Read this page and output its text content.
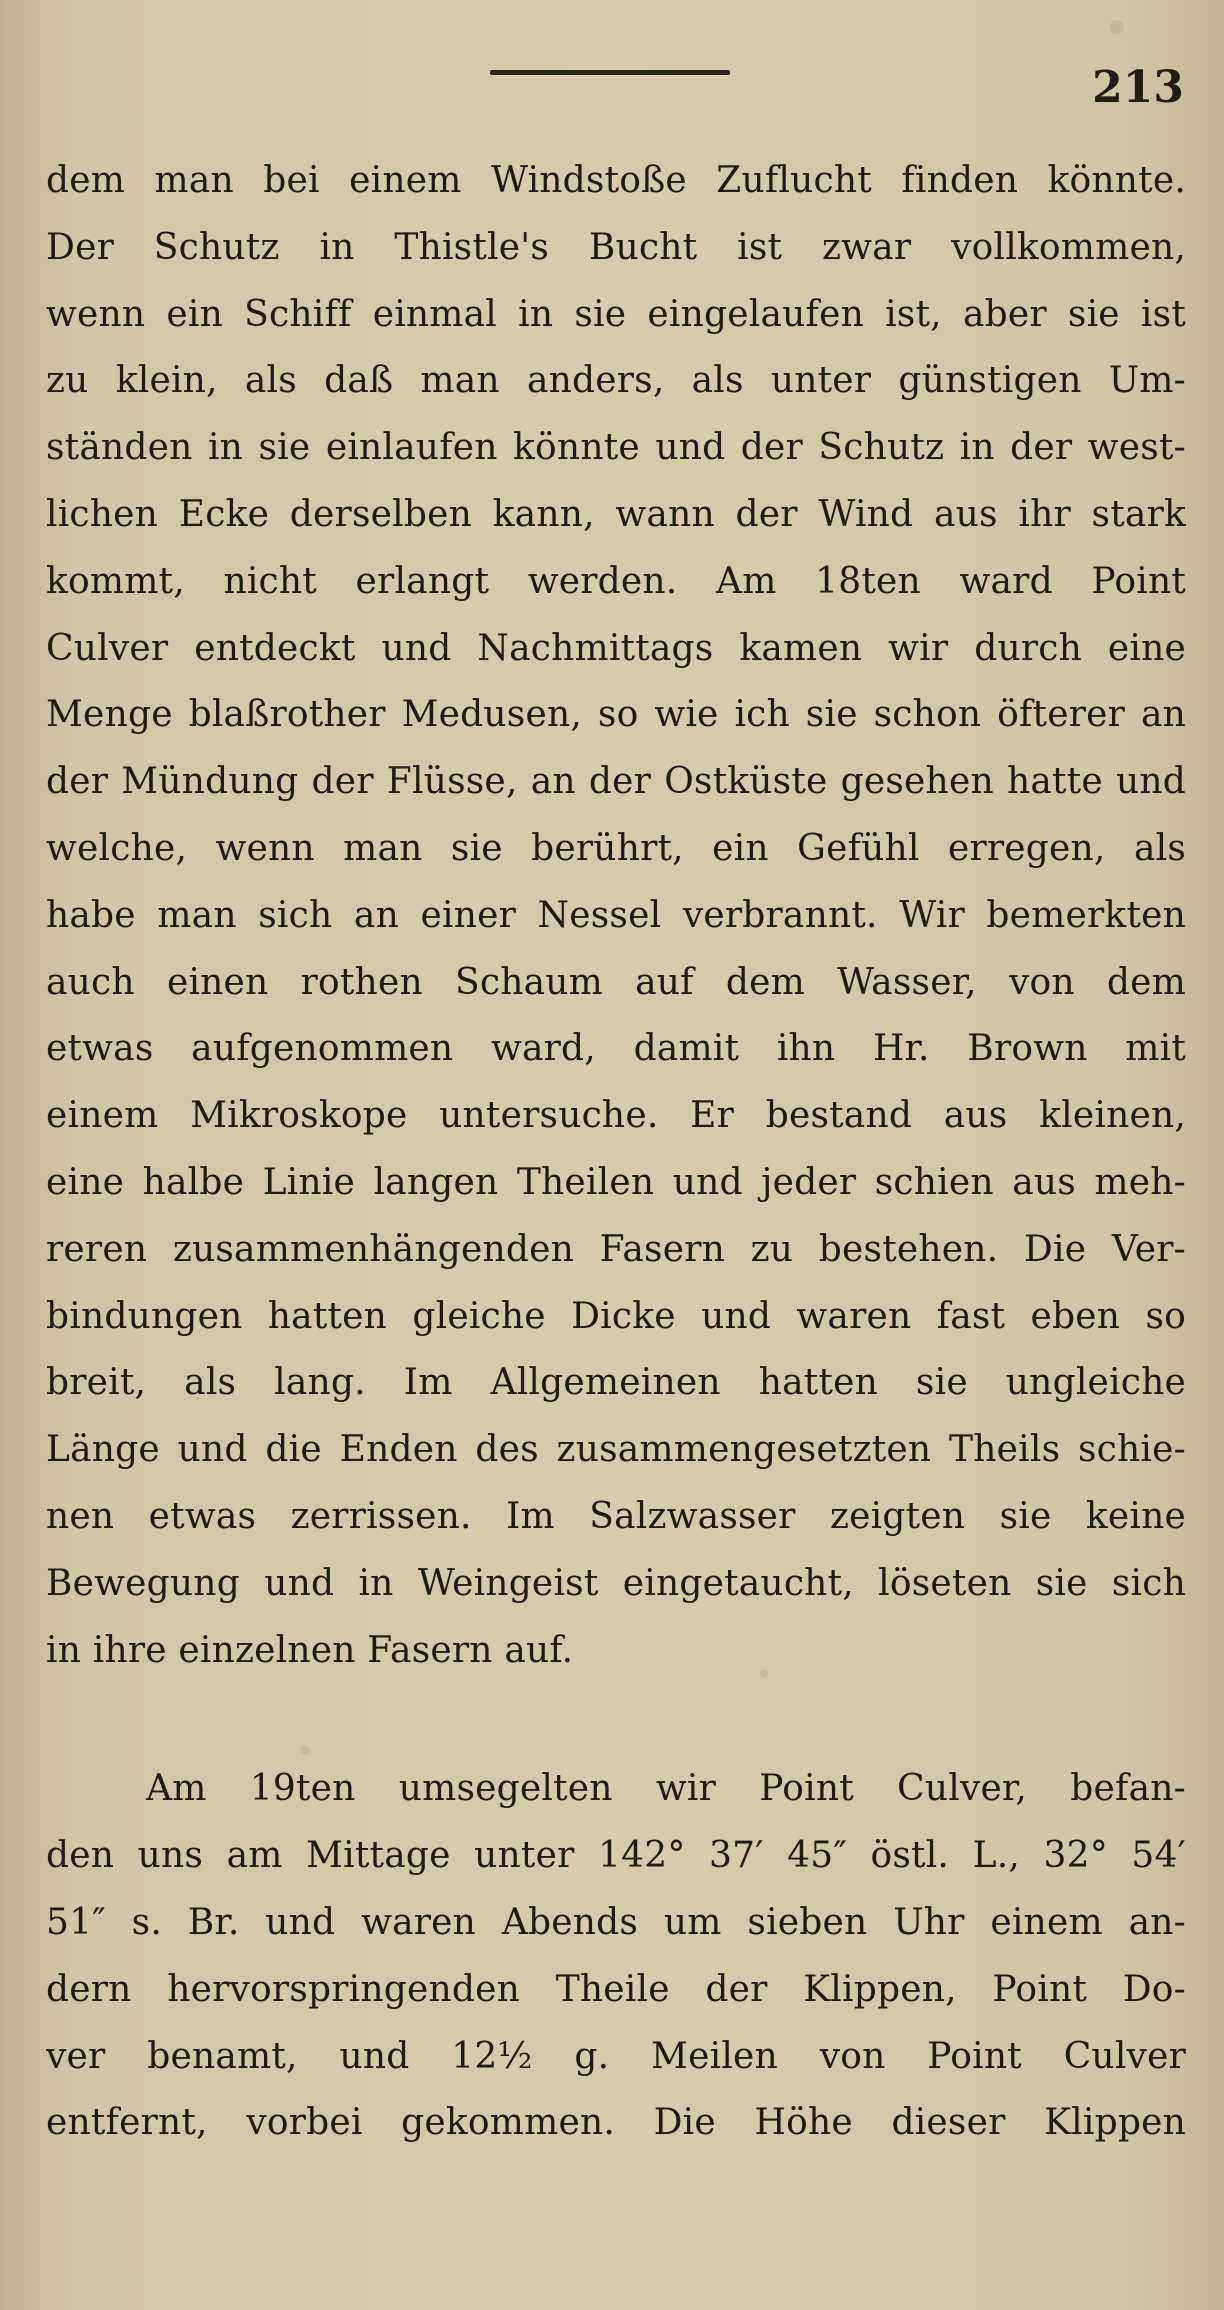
213
dem man bei einem Windstoße Zuflucht finden könnte.
Der Schutz in Thistle's Bucht ist zwar vollkommen,
wenn ein Schiff einmal in sie eingelaufen ist, aber sie ist
zu klein, als daß man anders, als unter günstigen Um-
ständen in sie einlaufen könnte und der Schutz in der west-
lichen Ecke derselben kann, wann der Wind aus ihr stark
kommt, nicht erlangt werden. Am 18ten ward Point
Culver entdeckt und Nachmittags kamen wir durch eine
Menge blaßrother Medusen, so wie ich sie schon öfterer an
der Mündung der Flüsse, an der Ostküste gesehen hatte und
welche, wenn man sie berührt, ein Gefühl erregen, als
habe man sich an einer Nessel verbrannt. Wir bemerkten
auch einen rothen Schaum auf dem Wasser, von dem
etwas aufgenommen ward, damit ihn Hr. Brown mit
einem Mikroskope untersuche. Er bestand aus kleinen,
eine halbe Linie langen Theilen und jeder schien aus meh-
reren zusammenhängenden Fasern zu bestehen. Die Ver-
bindungen hatten gleiche Dicke und waren fast eben so
breit, als lang. Im Allgemeinen hatten sie ungleiche
Länge und die Enden des zusammengesetzten Theils schie-
nen etwas zerrissen. Im Salzwasser zeigten sie keine
Bewegung und in Weingeist eingetaucht, löseten sie sich
in ihre einzelnen Fasern auf.
Am 19ten umsegelten wir Point Culver, befan-
den uns am Mittage unter 142° 37′ 45″ östl. L., 32° 54′
51″ s. Br. und waren Abends um sieben Uhr einem an-
dern hervorspringenden Theile der Klippen, Point Do-
ver benamt, und 12½ g. Meilen von Point Culver
entfernt, vorbei gekommen. Die Höhe dieser Klippen
